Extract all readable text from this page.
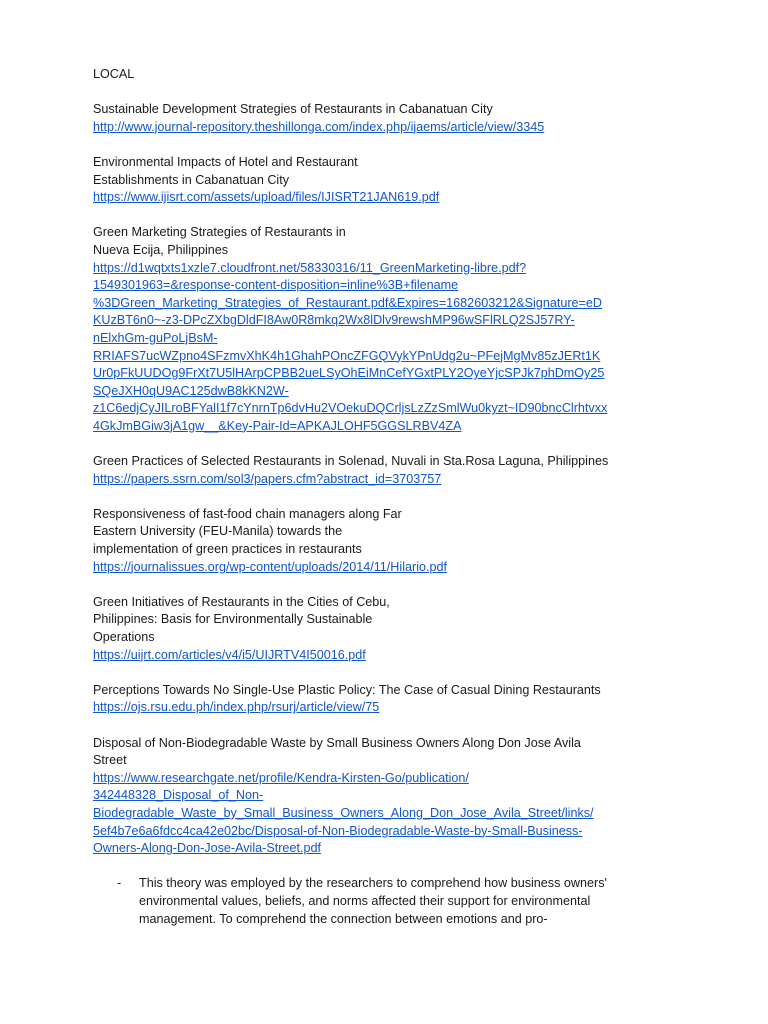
LOCAL
Sustainable Development Strategies of Restaurants in Cabanatuan City
http://www.journal-repository.theshillonga.com/index.php/ijaems/article/view/3345
Environmental Impacts of Hotel and Restaurant
Establishments in Cabanatuan City
https://www.ijisrt.com/assets/upload/files/IJISRT21JAN619.pdf
Green Marketing Strategies of Restaurants in
Nueva Ecija, Philippines
https://d1wqtxts1xzle7.cloudfront.net/58330316/11_GreenMarketing-libre.pdf?
1549301963=&response-content-disposition=inline%3B+filename
%3DGreen_Marketing_Strategies_of_Restaurant.pdf&Expires=1682603212&Signature=eD
KUzBT6n0~-z3-DPcZXbgDldFI8Aw0R8mkq2Wx8lDlv9rewshMP96wSFlRLQ2SJ57RY-
nElxhGm-guPoLjBsM-
RRIAFS7ucWZpno4SFzmvXhK4h1GhahPOncZFGQVykYPnUdg2u~PFejMgMv85zJERt1K
Ur0pFkUUDOg9FrXt7U5lHArpCPBB2ueLSyOhEiMnCefYGxtPLY2OyeYjcSPJk7phDmOy25
SQeJXH0qU9AC125dwB8kKN2W-
z1C6edjCyJILroBFYalI1f7cYnrnTp6dvHu2VOekuDQCrljsLzZzSmlWu0kyzt~ID90bncClrhtvxx
4GkJmBGiw3jA1gw__&Key-Pair-Id=APKAJLOHF5GGSLRBV4ZA
Green Practices of Selected Restaurants in Solenad, Nuvali in Sta.Rosa Laguna, Philippines
https://papers.ssrn.com/sol3/papers.cfm?abstract_id=3703757
Responsiveness of fast-food chain managers along Far
Eastern University (FEU-Manila) towards the
implementation of green practices in restaurants
https://journalissues.org/wp-content/uploads/2014/11/Hilario.pdf
Green Initiatives of Restaurants in the Cities of Cebu,
Philippines: Basis for Environmentally Sustainable
Operations
https://uijrt.com/articles/v4/i5/UIJRTV4I50016.pdf
Perceptions Towards No Single-Use Plastic Policy: The Case of Casual Dining Restaurants
https://ojs.rsu.edu.ph/index.php/rsurj/article/view/75
Disposal of Non-Biodegradable Waste by Small Business Owners Along Don Jose Avila
Street
https://www.researchgate.net/profile/Kendra-Kirsten-Go/publication/
342448328_Disposal_of_Non-
Biodegradable_Waste_by_Small_Business_Owners_Along_Don_Jose_Avila_Street/links/
5ef4b7e6a6fdcc4ca42e02bc/Disposal-of-Non-Biodegradable-Waste-by-Small-Business-
Owners-Along-Don-Jose-Avila-Street.pdf
- This theory was employed by the researchers to comprehend how business owners'
environmental values, beliefs, and norms affected their support for environmental
management. To comprehend the connection between emotions and pro-
